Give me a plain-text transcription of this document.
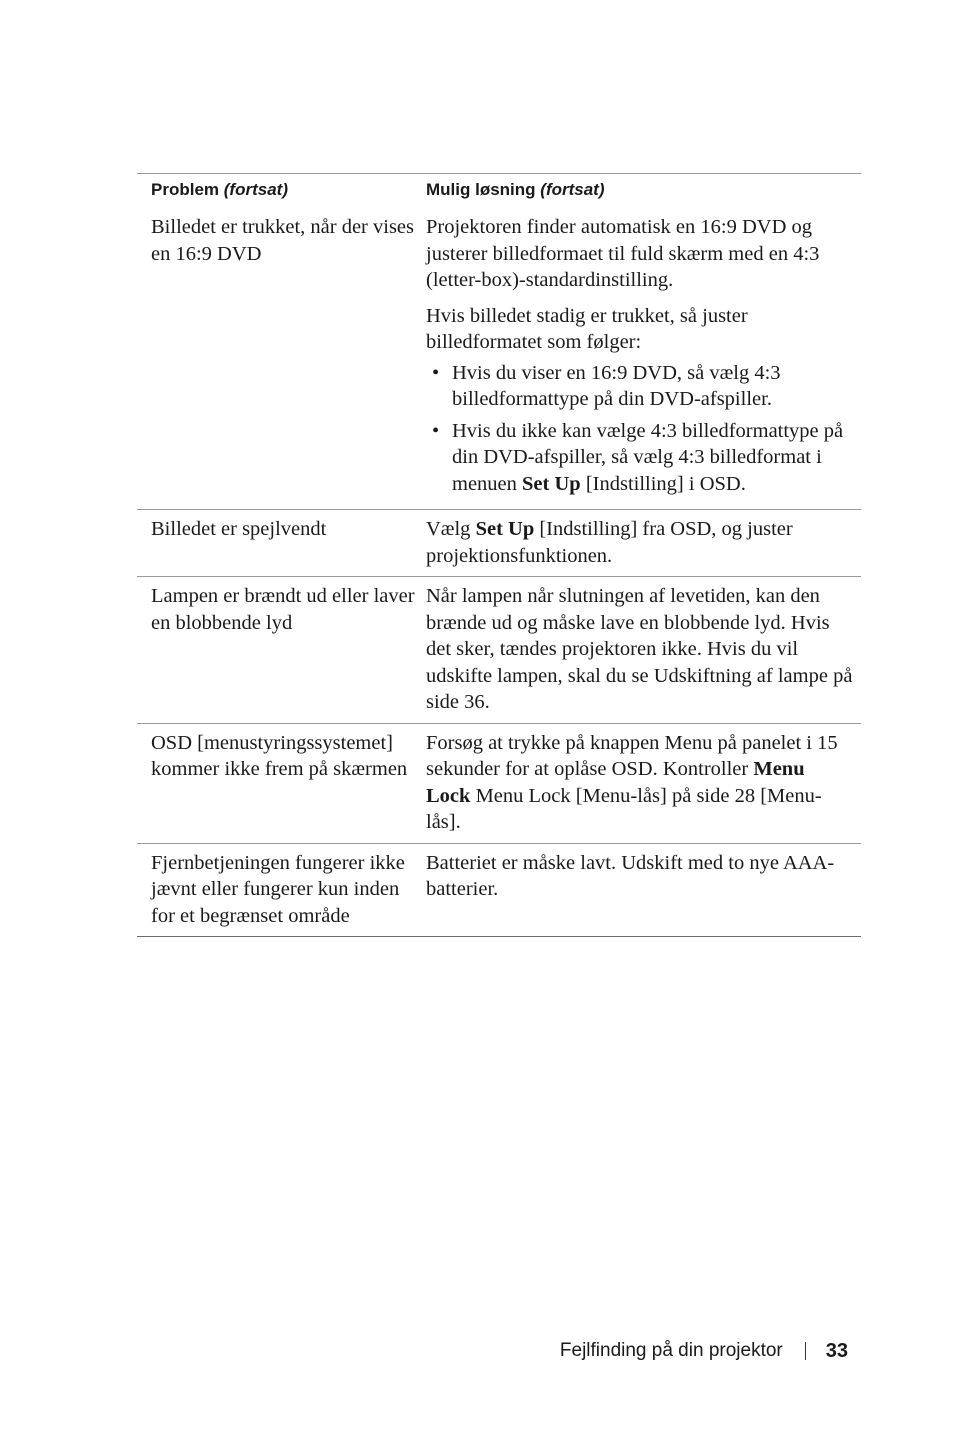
Problem (fortsat)	Mulig løsning (fortsat)
Billedet er trukket, når der vises en 16:9 DVD

Projektoren finder automatisk en 16:9 DVD og justerer billedformaet til fuld skærm med en 4:3 (letter-box)-standardinstilling.

Hvis billedet stadig er trukket, så juster billedformatet som følger:

• Hvis du viser en 16:9 DVD, så vælg 4:3 billedformattype på din DVD-afspiller.
• Hvis du ikke kan vælge 4:3 billedformattype på din DVD-afspiller, så vælg 4:3 billedformat i menuen Set Up [Indstilling] i OSD.
Billedet er spejlvendt	Vælg Set Up [Indstilling] fra OSD, og juster projektionsfunktionen.
Lampen er brændt ud eller laver en blobbende lyd
Når lampen når slutningen af levetiden, kan den brænde ud og måske lave en blobbende lyd. Hvis det sker, tændes projektoren ikke. Hvis du vil udskifte lampen, skal du se Udskiftning af lampe på side 36.
OSD [menustyringssystemet] kommer ikke frem på skærmen
Forsøg at trykke på knappen Menu på panelet i 15 sekunder for at oplåse OSD. Kontroller Menu Lock Menu Lock [Menu-lås] på side 28 [Menu-lås].
Fjernbetjeningen fungerer ikke jævnt eller fungerer kun inden for et begrænset område
Batteriet er måske lavt. Udskift med to nye AAA-batterier.
Fejlfinding på din projektor 33
